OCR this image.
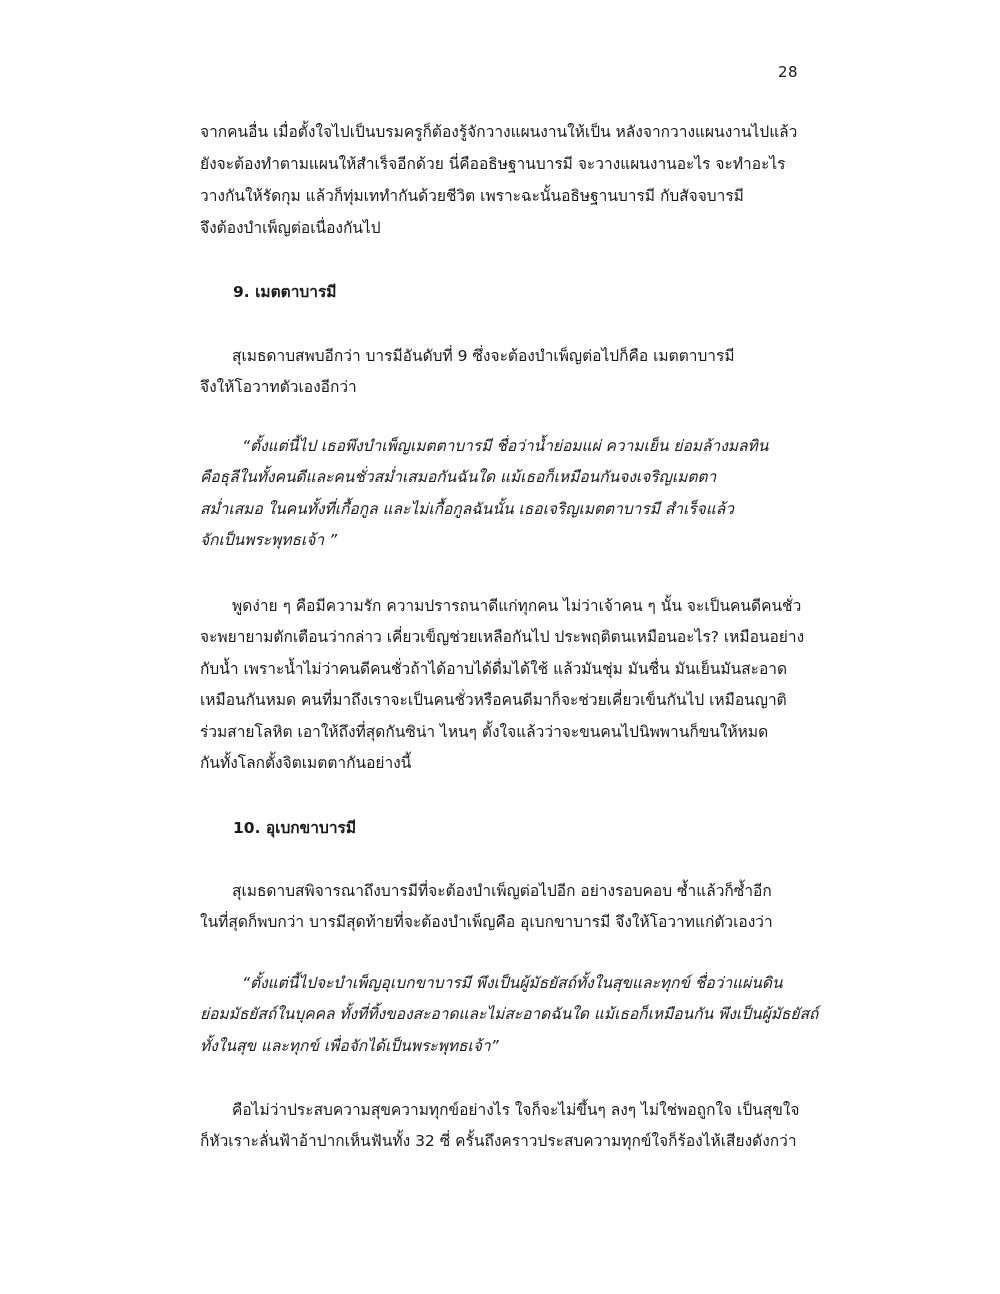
28
จากคนอื่น เมื่อตั้งใจไปเป็นบรมครูก็ต้องรู้จักวางแผนงานให้เป็น หลังจากวางแผนงานไปแล้ว
ยังจะต้องทำตามแผนให้สำเร็จอีกด้วย นี่คืออธิษฐานบารมี จะวางแผนงานอะไร จะทำอะไร
วางกันให้รัดกุม แล้วก็ทุ่มเททำกันด้วยชีวิต เพราะฉะนั้นอธิษฐานบารมี กับสัจจบารมี
จึงต้องบำเพ็ญต่อเนื่องกันไป
9. เมตตาบารมี
สุเมธดาบสพบอีกว่า บารมีอันดับที่ 9 ซึ่งจะต้องบำเพ็ญต่อไปก็คือ เมตตาบารมี
จึงให้โอวาทตัวเองอีกว่า
“ตั้งแต่นี้ไป เธอพึงบำเพ็ญเมตตาบารมี ชื่อว่าน้ำย่อมแผ่ ความเย็น ย่อมล้างมลทิน
คือธุลีในทั้งคนดีและคนชั่วสม่ำเสมอกันฉันใด แม้เธอก็เหมือนกันจงเจริญเมตตา
สม่ำเสมอ ในคนทั้งที่เกื้อกูล และไม่เกื้อกูลฉันนั้น เธอเจริญเมตตาบารมี สำเร็จแล้ว
จักเป็นพระพุทธเจ้า ”
พูดง่าย ๆ คือมีความรัก ความปรารถนาดีแก่ทุกคน ไม่ว่าเจ้าคน ๆ นั้น จะเป็นคนดีคนชั่ว
จะพยายามตักเตือนว่ากล่าว เคี่ยวเข็ญช่วยเหลือกันไป ประพฤติตนเหมือนอะไร? เหมือนอย่าง
กับน้ำ เพราะน้ำไม่ว่าคนดีคนชั่วถ้าได้อาบได้ดื่มได้ใช้ แล้วมันชุ่ม มันชื่น มันเย็นมันสะอาด
เหมือนกันหมด คนที่มาถึงเราจะเป็นคนชั่วหรือคนดีมาก็จะช่วยเคี่ยวเข็นกันไป เหมือนญาติ
ร่วมสายโลหิต เอาให้ถึงที่สุดกันซิน่า ไหนๆ ตั้งใจแล้วว่าจะขนคนไปนิพพานก็ขนให้หมด
กันทั้งโลกตั้งจิตเมตตากันอย่างนี้
10. อุเบกขาบารมี
สุเมธดาบสพิจารณาถึงบารมีที่จะต้องบำเพ็ญต่อไปอีก อย่างรอบคอบ ซ้ำแล้วก็ซ้ำอีก
ในที่สุดก็พบกว่า บารมีสุดท้ายที่จะต้องบำเพ็ญคือ อุเบกขาบารมี จึงให้โอวาทแก่ตัวเองว่า
“ตั้งแต่นี้ไปจะบำเพ็ญอุเบกขาบารมี พึงเป็นผู้มัธยัสถ์ทั้งในสุขและทุกข์ ชื่อว่าแผ่นดิน
ย่อมมัธยัสถ์ในบุคคล ทั้งที่ทิ้งของสะอาดและไม่สะอาดฉันใด แม้เธอก็เหมือนกัน พึงเป็นผู้มัธยัสถ์
ทั้งในสุข และทุกข์ เพื่อจักได้เป็นพระพุทธเจ้า”
คือไม่ว่าประสบความสุขความทุกข์อย่างไร ใจก็จะไม่ขึ้นๆ ลงๆ ไม่ใช่พอถูกใจ เป็นสุขใจ
ก็หัวเราะลั่นฟ้าอ้าปากเห็นฟันทั้ง 32 ซี่ ครั้นถึงคราวประสบความทุกข์ใจก็ร้องไห้เสียงดังกว่า
